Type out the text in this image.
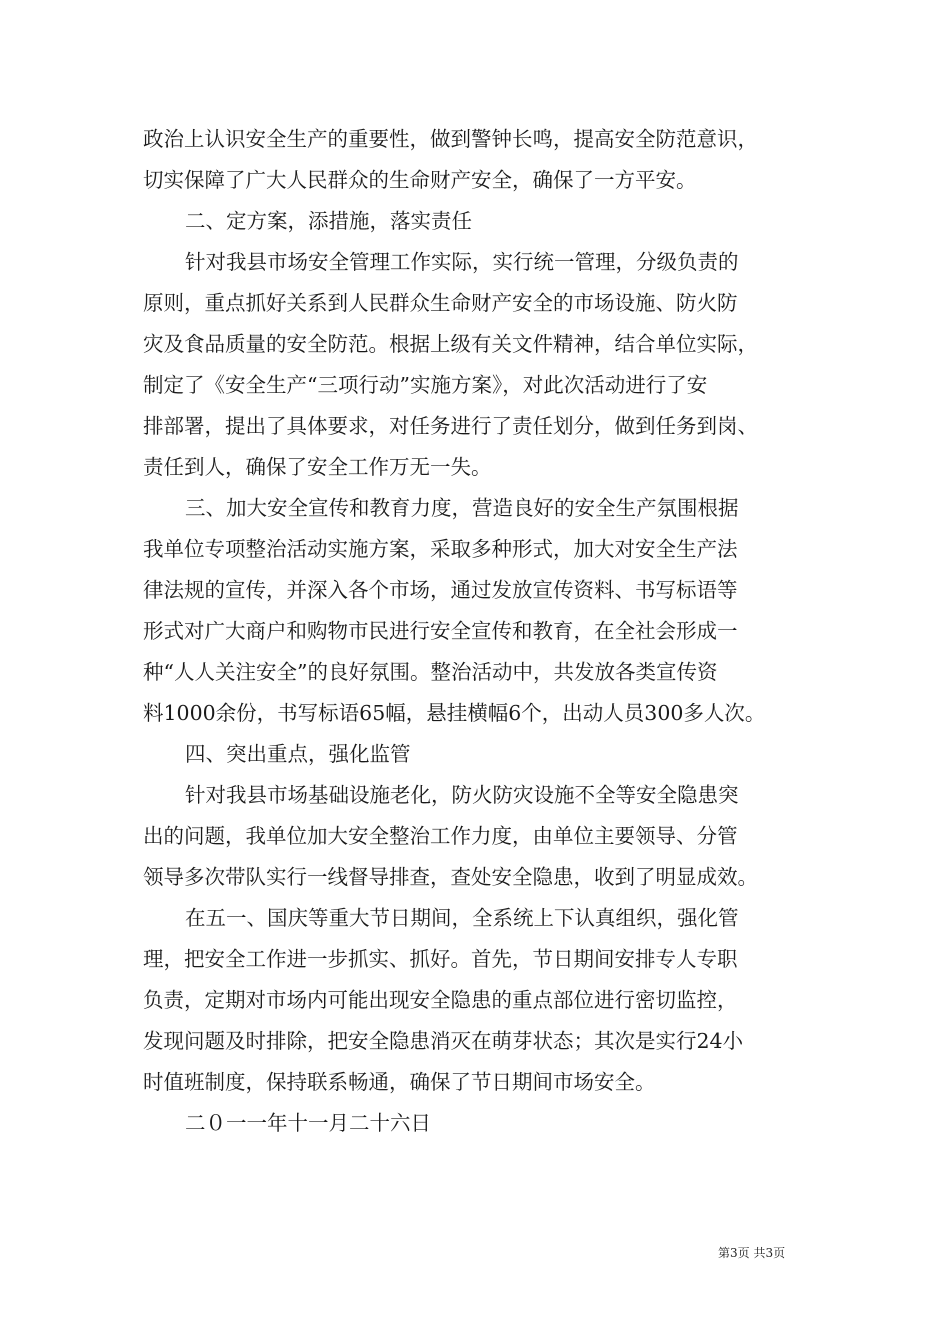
政治上认识安全生产的重要性，做到警钟长鸣，提高安全防范意识，
切实保障了广大人民群众的生命财产安全，确保了一方平安。
二、定方案，添措施，落实责任
针对我县市场安全管理工作实际，实行统一管理，分级负责的
原则，重点抓好关系到人民群众生命财产安全的市场设施、防火防
灾及食品质量的安全防范。根据上级有关文件精神，结合单位实际，
制定了《安全生产“三项行动”实施方案》，对此次活动进行了安
排部署，提出了具体要求，对任务进行了责任划分，做到任务到岗、
责任到人，确保了安全工作万无一失。
三、加大安全宣传和教育力度，营造良好的安全生产氛围根据
我单位专项整治活动实施方案，采取多种形式，加大对安全生产法
律法规的宣传，并深入各个市场，通过发放宣传资料、书写标语等
形式对广大商户和购物市民进行安全宣传和教育，在全社会形成一
种“人人关注安全”的良好氛围。整治活动中，共发放各类宣传资
料1000余份，书写标语65幅，悬挂横幅6个，出动人员300多人次。
四、突出重点，强化监管
针对我县市场基础设施老化，防火防灾设施不全等安全隐患突
出的问题，我单位加大安全整治工作力度，由单位主要领导、分管
领导多次带队实行一线督导排查，查处安全隐患，收到了明显成效。
在五一、国庆等重大节日期间，全系统上下认真组织，强化管
理，把安全工作进一步抓实、抓好。首先，节日期间安排专人专职
负责，定期对市场内可能出现安全隐患的重点部位进行密切监控，
发现问题及时排除，把安全隐患消灭在萌芽状态；其次是实行24小
时值班制度，保持联系畅通，确保了节日期间市场安全。
二０一一年十一月二十六日
第3页 共3页
